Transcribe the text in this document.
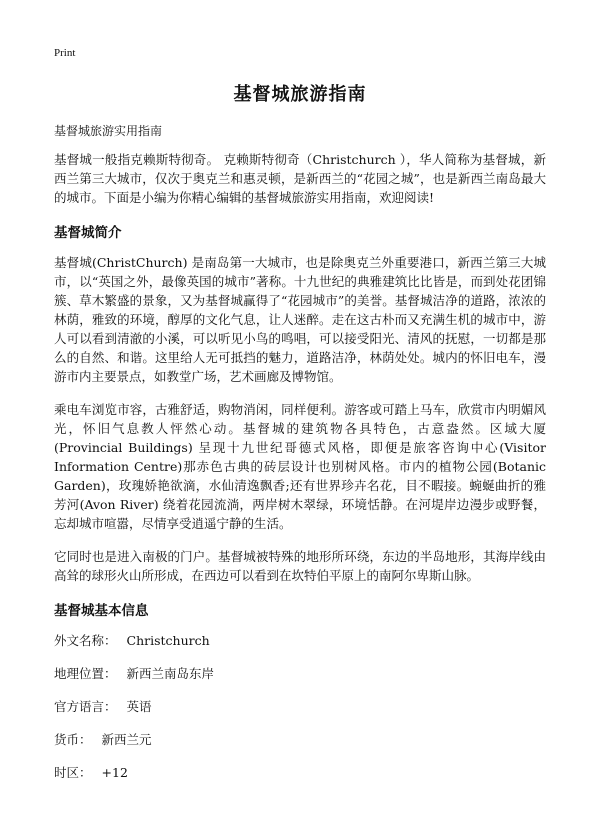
Print
基督城旅游指南
基督城旅游实用指南

基督城一般指克赖斯特彻奇。 克赖斯特彻奇（Christchurch ），华人简称为基督城，新西兰第三大城市，仅次于奥克兰和惠灵顿，是新西兰的“花园之城”，也是新西兰南岛最大的城市。下面是小编为你精心编辑的基督城旅游实用指南，欢迎阅读!

基督城简介

基督城(ChristChurch) 是南岛第一大城市，也是除奥克兰外重要港口，新西兰第三大城市，以“英国之外，最像英国的城市”著称。十九世纪的典雅建筑比比皆是，而到处花团锦簇、草木繁盛的景象，又为基督城赢得了“花园城市”的美誉。基督城洁净的道路，浓浓的林荫，雅致的环境，醇厚的文化气息，让人迷醉。走在这古朴而又充满生机的城市中，游人可以看到清澈的小溪，可以听见小鸟的鸣唱，可以接受阳光、清风的抚慰，一切都是那么的自然、和谐。这里给人无可抵挡的魅力，道路洁净，林荫处处。城内的怀旧电车，漫游市内主要景点，如教堂广场，艺术画廊及博物馆。

乘电车浏览市容，古雅舒适，购物消闲，同样便利。游客或可踏上马车，欣赏市内明媚风光，怀旧气息教人怦然心动。基督城的建筑物各具特色，古意盎然。区域大厦(Provincial Buildings) 呈现十九世纪哥德式风格，即便是旅客咨询中心(Visitor Information Centre)那赤色古典的砖层设计也别树风格。市内的植物公园(Botanic Garden)，玫瑰娇艳欲滴，水仙清逸飘香;还有世界珍卉名花，目不暇接。蜿蜒曲折的雅芳河(Avon River) 绕着花园流淌，两岸树木翠绿，环境恬静。在河堤岸边漫步或野餐，忘却城市喧嚣，尽情享受逍遥宁静的生活。

它同时也是进入南极的门户。基督城被特殊的地形所环绕，东边的半岛地形，其海岸线由高耸的球形火山所形成，在西边可以看到在坎特伯平原上的南阿尔卑斯山脉。

基督城基本信息
外文名称： Christchurch
地理位置： 新西兰南岛东岸
官方语言： 英语
货币： 新西兰元
时区： +12
